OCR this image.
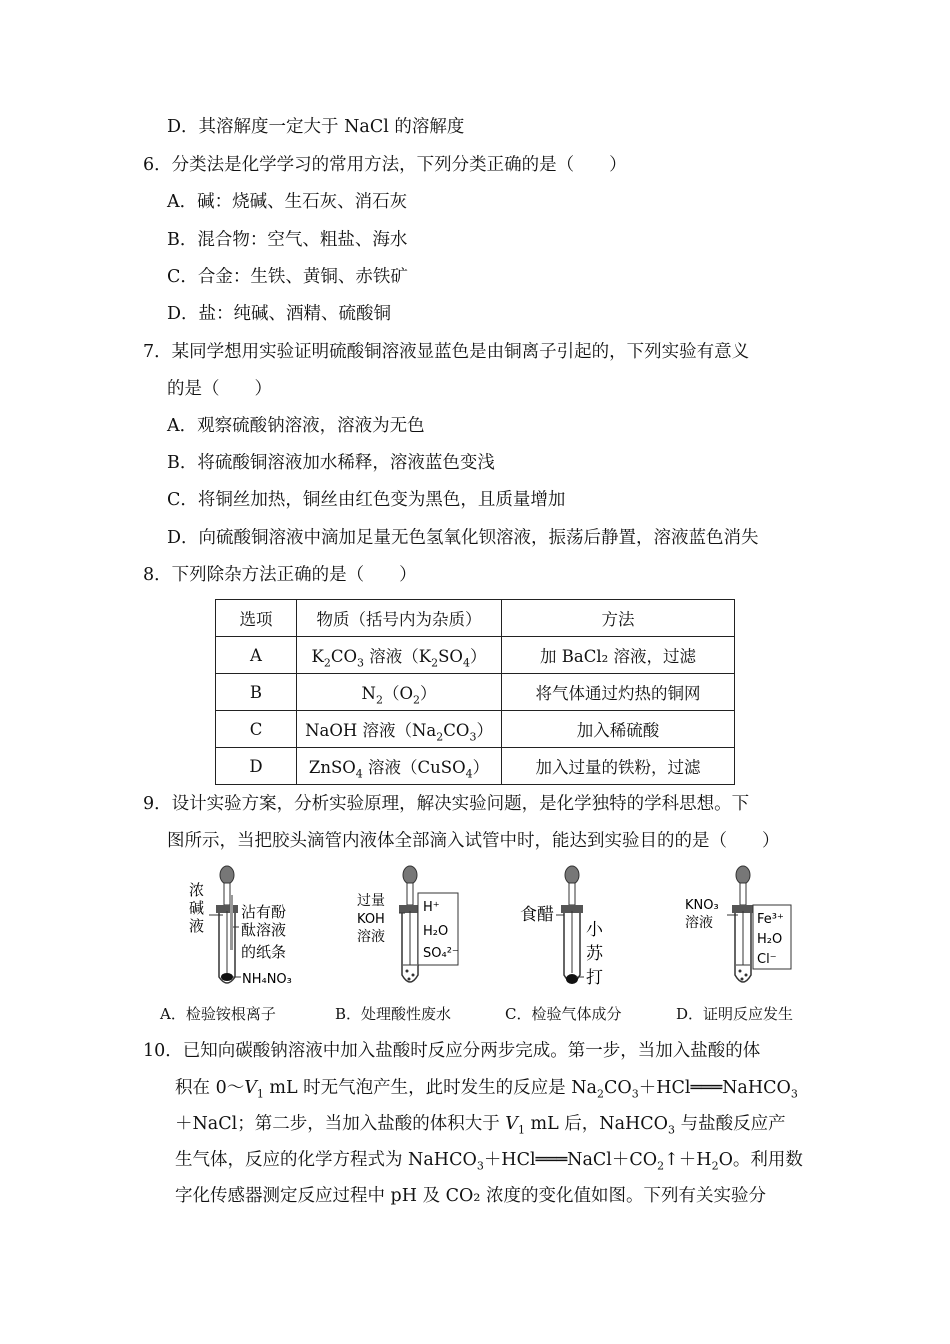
D．其溶解度一定大于 NaCl 的溶解度
6．分类法是化学学习的常用方法，下列分类正确的是（　　）
A．碱：烧碱、生石灰、消石灰
B．混合物：空气、粗盐、海水
C．合金：生铁、黄铜、赤铁矿
D．盐：纯碱、酒精、硫酸铜
7．某同学想用实验证明硫酸铜溶液显蓝色是由铜离子引起的，下列实验有意义
的是（　　）
A．观察硫酸钠溶液，溶液为无色
B．将硫酸铜溶液加水稀释，溶液蓝色变浅
C．将铜丝加热，铜丝由红色变为黑色，且质量增加
D．向硫酸铜溶液中滴加足量无色氢氧化钡溶液，振荡后静置，溶液蓝色消失
8．下列除杂方法正确的是（　　）
选项	物质（括号内为杂质）	方法
A	$K_2CO_3$ 溶液$(K_2SO_4)$	加 BaCl₂ 溶液，过滤
B	$N_2(O_2)$	将气体通过灼热的铜网
C	NaOH 溶液$(Na_2CO_3)$	加入稀硫酸
D	ZnSO$_4$ 溶液（CuSO$_4$）	加入过量的铁粉，过滤
9．设计实验方案，分析实验原理，解决实验问题，是化学独特的学科思想。下
图所示，当把胶头滴管内液体全部滴入试管中时，能达到实验目的的是（　　）
浓
碱
液
沾有酚
酞溶液
的纸条
NH₄NO₃
过量
KOH
溶液
H⁺
H₂O
SO₄²⁻
食醋
小
苏
打
KNO₃
溶液	Fe³⁺
H₂O
Cl⁻
A．检验铵根离子	B．处理酸性废水	C．检验气体成分	D．证明反应发生
10．已知向碳酸钠溶液中加入盐酸时反应分两步完成。第一步，当加入盐酸的体
积在 $0\sim V_1$ mL 时无气泡产生，此时发生的反应是 $Na_2CO_3+HCl═══NaHCO_3$
＋NaCl；第二步，当加入盐酸的体积大于 $V_1$ mL 后，NaHCO$_3$ 与盐酸反应产
生气体，反应的化学方程式为 $NaHCO_3+HCl═══NaCl+CO_2↑+H_2O$。利用数
字化传感器测定反应过程中 pH 及 CO₂ 浓度的变化值如图。下列有关实验分
